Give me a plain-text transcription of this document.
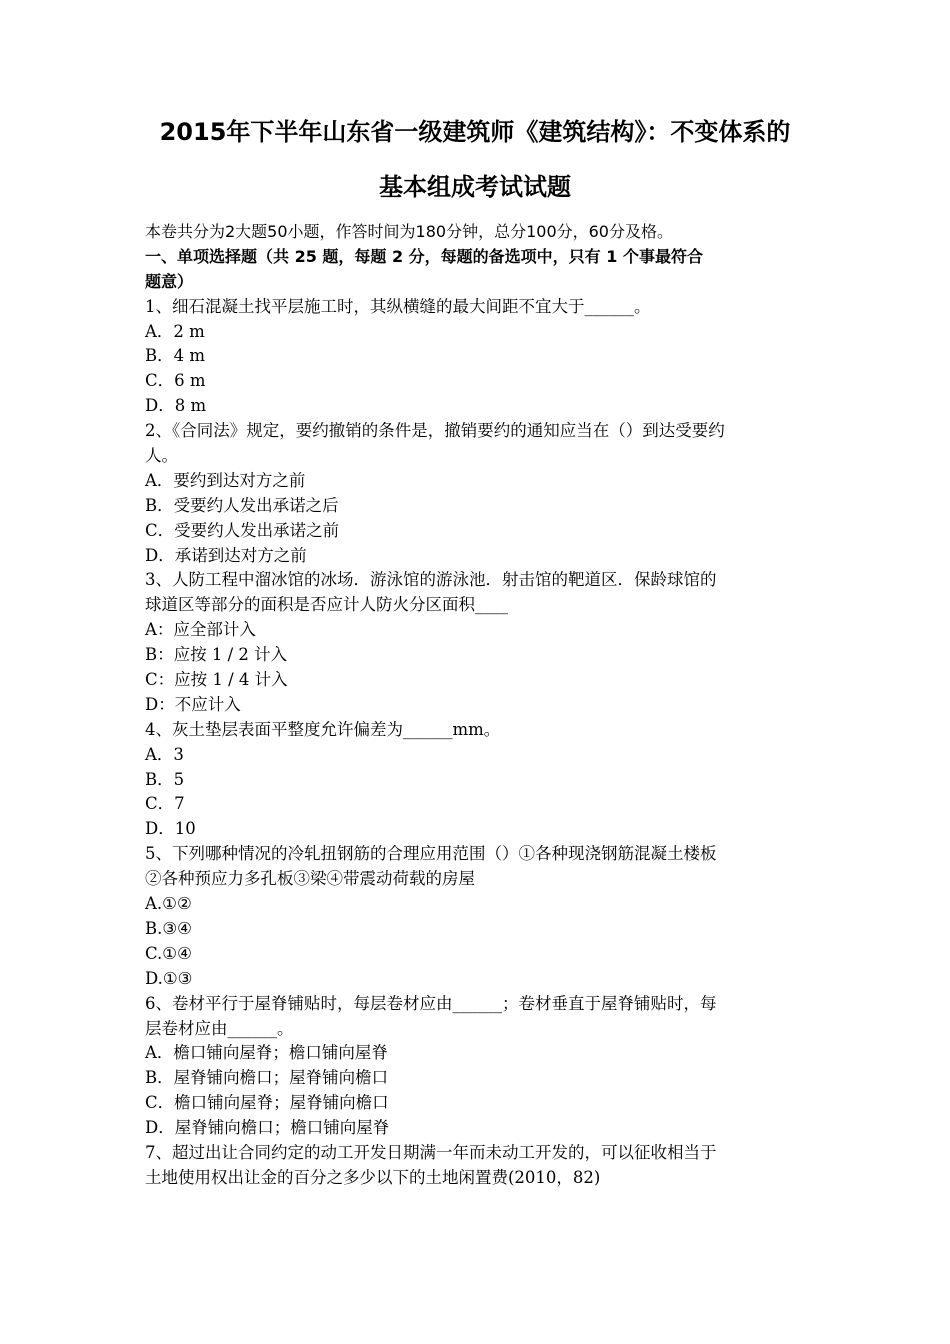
2015年下半年山东省一级建筑师《建筑结构》：不变体系的
基本组成考试试题
本卷共分为2大题50小题，作答时间为180分钟，总分100分，60分及格。
一、单项选择题（共 25 题，每题 2 分，每题的备选项中，只有 1 个事最符合
题意）
1、细石混凝土找平层施工时，其纵横缝的最大间距不宜大于______。
A．2 m
B．4 m
C．6 m
D．8 m
2、《合同法》规定，要约撤销的条件是，撤销要约的通知应当在（）到达受要约
人。
A．要约到达对方之前
B．受要约人发出承诺之后
C．受要约人发出承诺之前
D．承诺到达对方之前
3、人防工程中溜冰馆的冰场．游泳馆的游泳池．射击馆的靶道区．保龄球馆的
球道区等部分的面积是否应计人防火分区面积____
A：应全部计入
B：应按 1 / 2 计入
C：应按 1 / 4 计入
D：不应计入
4、灰土垫层表面平整度允许偏差为______mm。
A．3
B．5
C．7
D．10
5、下列哪种情况的冷轧扭钢筋的合理应用范围（）①各种现浇钢筋混凝土楼板
②各种预应力多孔板③梁④带震动荷载的房屋
A.①②
B.③④
C.①④
D.①③
6、卷材平行于屋脊铺贴时，每层卷材应由______；卷材垂直于屋脊铺贴时，每
层卷材应由______。
A．檐口铺向屋脊；檐口铺向屋脊
B．屋脊铺向檐口；屋脊铺向檐口
C．檐口铺向屋脊；屋脊铺向檐口
D．屋脊铺向檐口；檐口铺向屋脊
7、超过出让合同约定的动工开发日期满一年而未动工开发的，可以征收相当于
土地使用权出让金的百分之多少以下的土地闲置费(2010，82)
